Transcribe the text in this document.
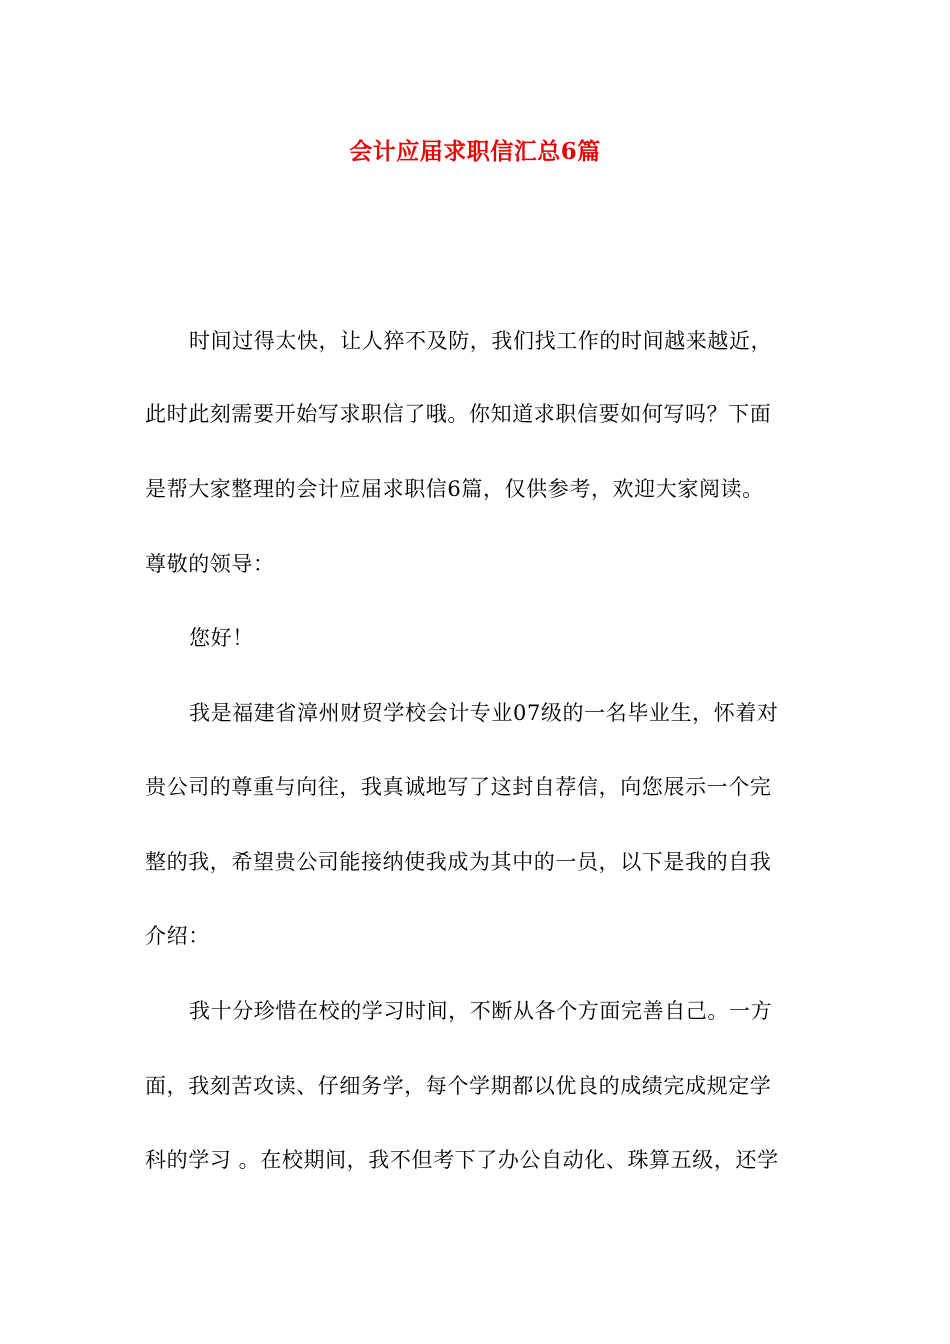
会计应届求职信汇总6篇
时间过得太快，让人猝不及防，我们找工作的时间越来越近，
此时此刻需要开始写求职信了哦。你知道求职信要如何写吗？下面
是帮大家整理的会计应届求职信6篇，仅供参考，欢迎大家阅读。
尊敬的领导：
您好！
我是福建省漳州财贸学校会计专业07级的一名毕业生，怀着对
贵公司的尊重与向往，我真诚地写了这封自荐信，向您展示一个完
整的我，希望贵公司能接纳使我成为其中的一员，以下是我的自我
介绍：
我十分珍惜在校的学习时间，不断从各个方面完善自己。一方
面，我刻苦攻读、仔细务学，每个学期都以优良的成绩完成规定学
科的学习 。在校期间，我不但考下了办公自动化、珠算五级，还学
